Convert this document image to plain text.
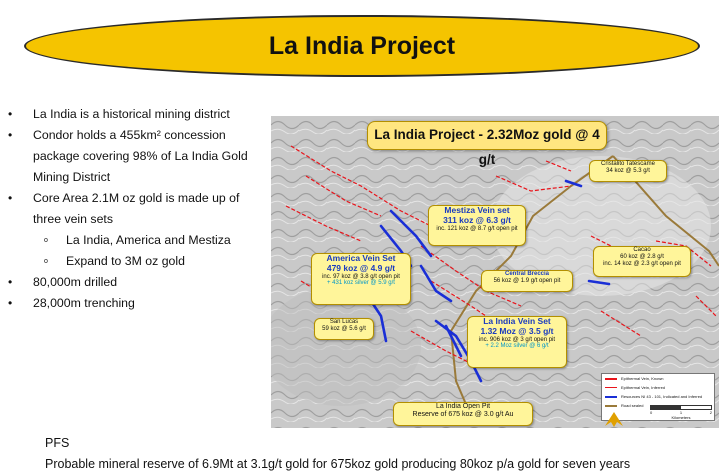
La India Project
•	La India is a historical mining district
•	Condor holds a 455km² concession package covering 98% of La India Gold Mining District
•	Core Area 2.1M oz gold is made up of three vein sets
o	La India, America and Mestiza
o	Expand to 3M oz gold
•	80,000m drilled
•	28,000m trenching
La India Project - 2.32Moz gold @ 4 g/t	Cristalito Tatescame
34 koz @ 5.3 g/t
Mestiza Vein set
311 koz @ 6.3 g/t
inc. 121 koz @ 8.7 g/t open pit
America Vein Set
479 koz @ 4.9 g/t
inc. 97 koz @ 3.8 g/t open pit
+ 431 koz silver @ 5.9 g/t
Central Breccia
56 koz @ 1.9 g/t open pit
Cacao
60 koz @ 2.8 g/t
inc. 14 koz @ 2.3 g/t open pit
San Lucas
59 koz @ 5.6 g/t
La India Vein Set
1.32 Moz @ 3.5 g/t
inc. 906 koz @ 3 g/t open pit
+ 2.2 Moz silver @ 6 g/t
La India Open Pit
Reserve of 675 koz @ 3.0 g/t Au
Epithermal Vein, Known
Epithermal Vein, Inferred
Resources NI 43 - 101, Indicated and Inferred
Road sealed
0	1	2
Kilometers
PFS
Probable mineral reserve of 6.9Mt at 3.1g/t gold for 675koz gold producing 80koz p/a gold for seven years
